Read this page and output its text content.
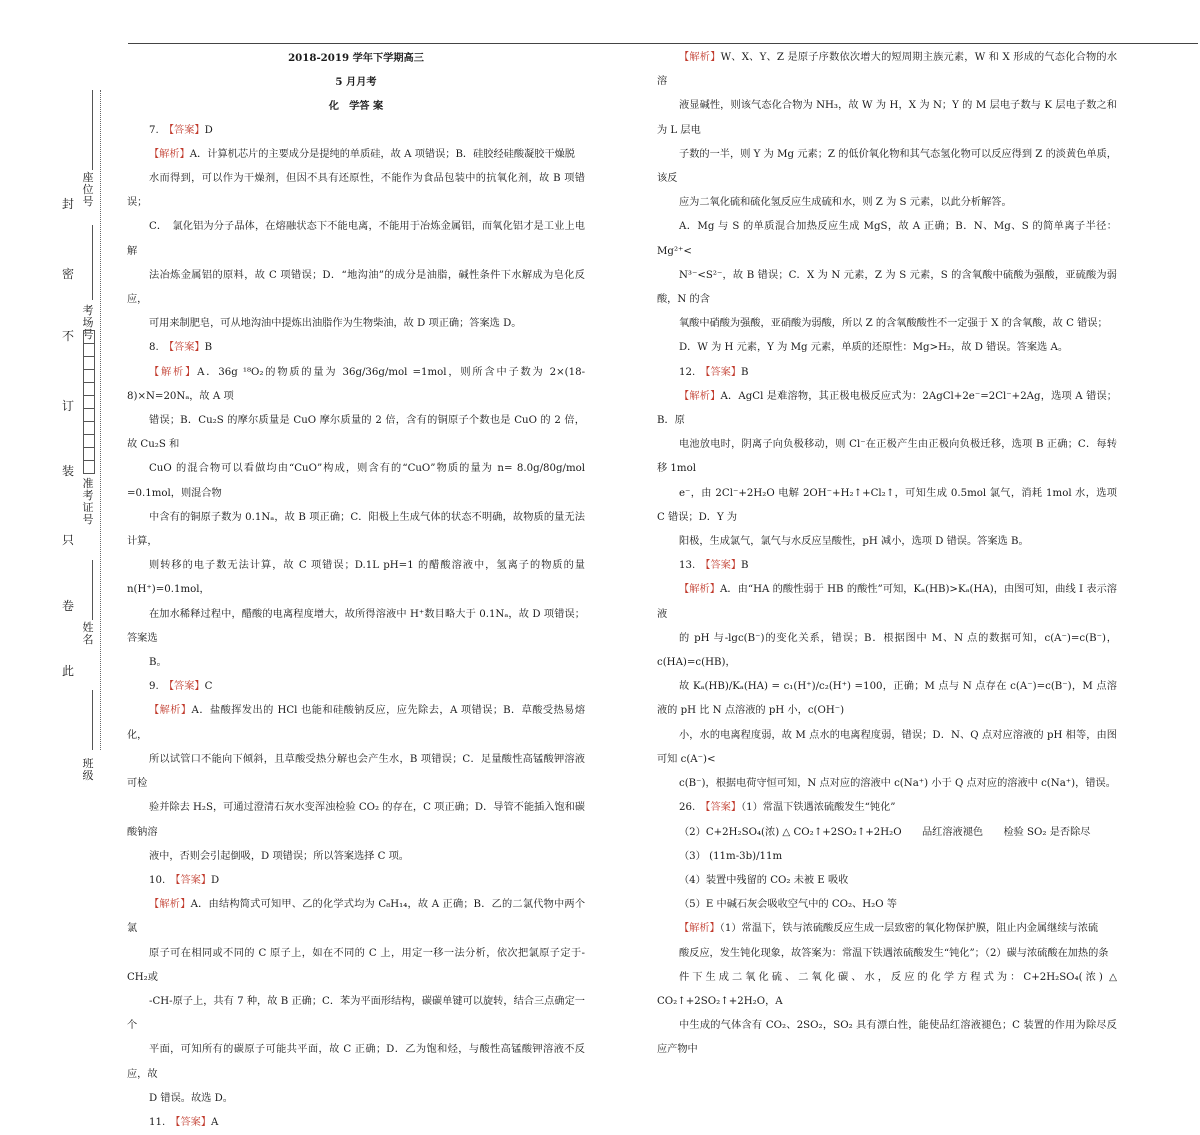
封
密
不
订
装
只
卷
此
座位号
考场号
准考证号
姓名
班级

2018-2019 学年下学期高三

5 月月考

化　学答 案

7.　【答案】D

【解析】A．计算机芯片的主要成分是提纯的单质硅，故 A 项错误；B．硅胶经硅酸凝胶干燥脱

水而得到，可以作为干燥剂，但因不具有还原性，不能作为食品包装中的抗氧化剂，故 B 项错误；

C．　氯化铝为分子晶体，在熔融状态下不能电离，不能用于冶炼金属铝，而氧化铝才是工业上电解

法冶炼金属铝的原料，故 C 项错误；D．“地沟油”的成分是油脂，碱性条件下水解成为皂化反应，

可用来制肥皂，可从地沟油中提炼出油脂作为生物柴油，故 D 项正确；答案选 D。

8.　【答案】B

【解析】A．36g ¹⁸O₂的物质的量为 36g/36g/mol =1mol，则所含中子数为 2×(18-8)×N=20Nₐ，故 A 项

错误；B．Cu₂S 的摩尔质量是 CuO 摩尔质量的 2 倍，含有的铜原子个数也是 CuO 的 2 倍，故 Cu₂S 和

CuO 的混合物可以看做均由“CuO”构成，则含有的“CuO”物质的量为 n= 8.0g/80g/mol =0.1mol，则混合物

中含有的铜原子数为 0.1Nₐ，故 B 项正确；C．阳极上生成气体的状态不明确，故物质的量无法计算，

则转移的电子数无法计算，故 C 项错误；D.1L pH=1 的醋酸溶液中，氢离子的物质的量 n(H⁺)=0.1mol，

在加水稀释过程中，醋酸的电离程度增大，故所得溶液中 H⁺数目略大于 0.1Nₐ，故 D 项错误；答案选

B。

9.　【答案】C

【解析】A．盐酸挥发出的 HCl 也能和硅酸钠反应，应先除去，A 项错误；B．草酸受热易熔化，

所以试管口不能向下倾斜，且草酸受热分解也会产生水，B 项错误；C．足量酸性高锰酸钾溶液可检

验并除去 H₂S，可通过澄清石灰水变浑浊检验 CO₂ 的存在，C 项正确；D．导管不能插入饱和碳酸钠溶

液中，否则会引起倒吸，D 项错误；所以答案选择 C 项。

10.　【答案】D

【解析】A．由结构简式可知甲、乙的化学式均为 C₈H₁₄，故 A 正确；B．乙的二氯代物中两个氯

原子可在相同或不同的 C 原子上，如在不同的 C 上，用定一移一法分析，依次把氯原子定于-CH₂或

-CH-原子上，共有 7 种，故 B 正确；C．苯为平面形结构，碳碳单键可以旋转，结合三点确定一个

平面，可知所有的碳原子可能共平面，故 C 正确；D．乙为饱和烃，与酸性高锰酸钾溶液不反应，故

D 错误。故选 D。

11.　【答案】A

【解析】W、X、Y、Z 是原子序数依次增大的短周期主族元素，W 和 X 形成的气态化合物的水溶

液显碱性，则该气态化合物为 NH₃，故 W 为 H，X 为 N；Y 的 M 层电子数与 K 层电子数之和为 L 层电

子数的一半，则 Y 为 Mg 元素；Z 的低价氧化物和其气态氢化物可以反应得到 Z 的淡黄色单质，该反

应为二氧化硫和硫化氢反应生成硫和水，则 Z 为 S 元素，以此分析解答。

A．Mg 与 S 的单质混合加热反应生成 MgS，故 A 正确；B．N、Mg、S 的简单离子半径：Mg²⁺<

N³⁻<S²⁻，故 B 错误；C．X 为 N 元素，Z 为 S 元素，S 的含氧酸中硫酸为强酸，亚硫酸为弱酸，N 的含

氧酸中硝酸为强酸，亚硝酸为弱酸，所以 Z 的含氧酸酸性不一定强于 X 的含氧酸，故 C 错误；

D．W 为 H 元素，Y 为 Mg 元素，单质的还原性：Mg>H₂，故 D 错误。答案选 A。

12.　【答案】B

【解析】A．AgCl 是难溶物，其正极电极反应式为：2AgCl+2e⁻=2Cl⁻+2Ag，选项 A 错误；B．原

电池放电时，阴离子向负极移动，则 Cl⁻在正极产生由正极向负极迁移，选项 B 正确；C．每转移 1mol

e⁻，由 2Cl⁻+2H₂O 电解 2OH⁻+H₂↑+Cl₂↑，可知生成 0.5mol 氯气，消耗 1mol 水，选项 C 错误；D．Y 为

阳极，生成氯气，氯气与水反应呈酸性，pH 减小，选项 D 错误。答案选 B。

13.　【答案】B

【解析】A．由“HA 的酸性弱于 HB 的酸性”可知，Kₐ(HB)>Kₐ(HA)，由图可知，曲线 I 表示溶液

的 pH 与-lgc(B⁻)的变化关系，错误；B．根据图中 M、N 点的数据可知，c(A⁻)=c(B⁻)，c(HA)=c(HB)，

故 Kₐ(HB)/Kₐ(HA) = c₁(H⁺)/c₂(H⁺) =100，正确；M 点与 N 点存在 c(A⁻)=c(B⁻)，M 点溶液的 pH 比 N 点溶液的 pH 小，c(OH⁻)

小，水的电离程度弱，故 M 点水的电离程度弱，错误；D．N、Q 点对应溶液的 pH 相等，由图可知 c(A⁻)<

c(B⁻)，根据电荷守恒可知，N 点对应的溶液中 c(Na⁺) 小于 Q 点对应的溶液中 c(Na⁺)，错误。

26.　【答案】（1）常温下铁遇浓硫酸发生“钝化”

（2）C+2H₂SO₄(浓) △ CO₂↑+2SO₂↑+2H₂O　　品红溶液褪色　　检验 SO₂ 是否除尽

（3） (11m-3b)/11m

（4）装置中残留的 CO₂ 未被 E 吸收

（5）E 中碱石灰会吸收空气中的 CO₂、H₂O 等

【解析】（1）常温下，铁与浓硫酸反应生成一层致密的氧化物保护膜，阻止内金属继续与浓硫

酸反应，发生钝化现象，故答案为：常温下铁遇浓硫酸发生“钝化”；（2）碳与浓硫酸在加热的条

件下生成二氧化硫、二氧化碳、水，反应的化学方程式为：C+2H₂SO₄(浓) △ CO₂↑+2SO₂↑+2H₂O，A

中生成的气体含有 CO₂、2SO₂，SO₂ 具有漂白性，能使品红溶液褪色；C 装置的作用为除尽反应产物中
